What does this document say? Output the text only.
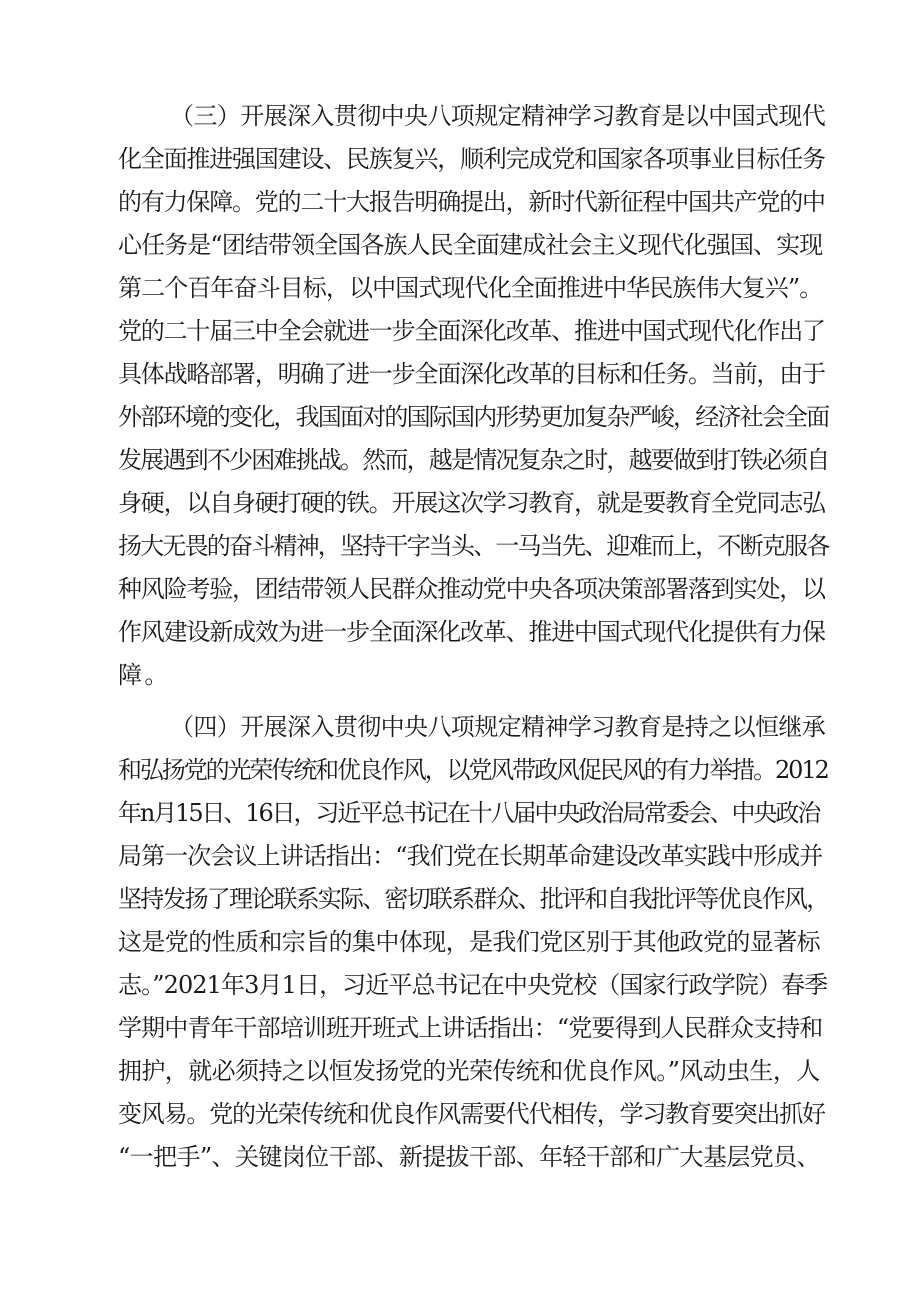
（三）开展深入贯彻中央八项规定精神学习教育是以中国式现代
化全面推进强国建设、民族复兴，顺利完成党和国家各项事业目标任务
的有力保障。党的二十大报告明确提出，新时代新征程中国共产党的中
心任务是“团结带领全国各族人民全面建成社会主义现代化强国、实现
第二个百年奋斗目标，以中国式现代化全面推进中华民族伟大复兴”。
党的二十届三中全会就进一步全面深化改革、推进中国式现代化作出了
具体战略部署，明确了进一步全面深化改革的目标和任务。当前，由于
外部环境的变化，我国面对的国际国内形势更加复杂严峻，经济社会全面
发展遇到不少困难挑战。然而，越是情况复杂之时，越要做到打铁必须自
身硬，以自身硬打硬的铁。开展这次学习教育，就是要教育全党同志弘
扬大无畏的奋斗精神，坚持干字当头、一马当先、迎难而上，不断克服各
种风险考验，团结带领人民群众推动党中央各项决策部署落到实处，以
作风建设新成效为进一步全面深化改革、推进中国式现代化提供有力保
障。
（四）开展深入贯彻中央八项规定精神学习教育是持之以恒继承
和弘扬党的光荣传统和优良作风，以党风带政风促民风的有力举措。2012
年n月15日、16日，习近平总书记在十八届中央政治局常委会、中央政治
局第一次会议上讲话指出：“我们党在长期革命建设改革实践中形成并
坚持发扬了理论联系实际、密切联系群众、批评和自我批评等优良作风，
这是党的性质和宗旨的集中体现，是我们党区别于其他政党的显著标
志。”2021年3月1日，习近平总书记在中央党校（国家行政学院）春季
学期中青年干部培训班开班式上讲话指出：“党要得到人民群众支持和
拥护，就必须持之以恒发扬党的光荣传统和优良作风。”风动虫生，人
变风易。党的光荣传统和优良作风需要代代相传，学习教育要突出抓好
“一把手”、关键岗位干部、新提拔干部、年轻干部和广大基层党员、
